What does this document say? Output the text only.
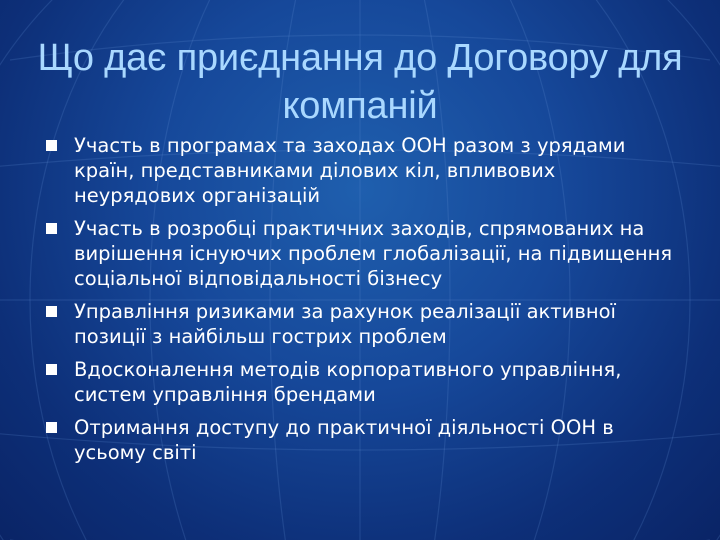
Що дає приєднання до Договору для компаній
Участь в програмах та заходах ООН разом з урядами країн, представниками ділових кіл, впливових неурядових організацій
Участь в розробці практичних заходів, спрямованих на вирішення існуючих проблем глобалізації, на підвищення соціальної відповідальності бізнесу
Управління ризиками за рахунок реалізації активної позиції з найбільш гострих проблем
Вдосконалення методів корпоративного управління, систем управління брендами
Отримання доступу до практичної діяльності ООН в усьому світі
